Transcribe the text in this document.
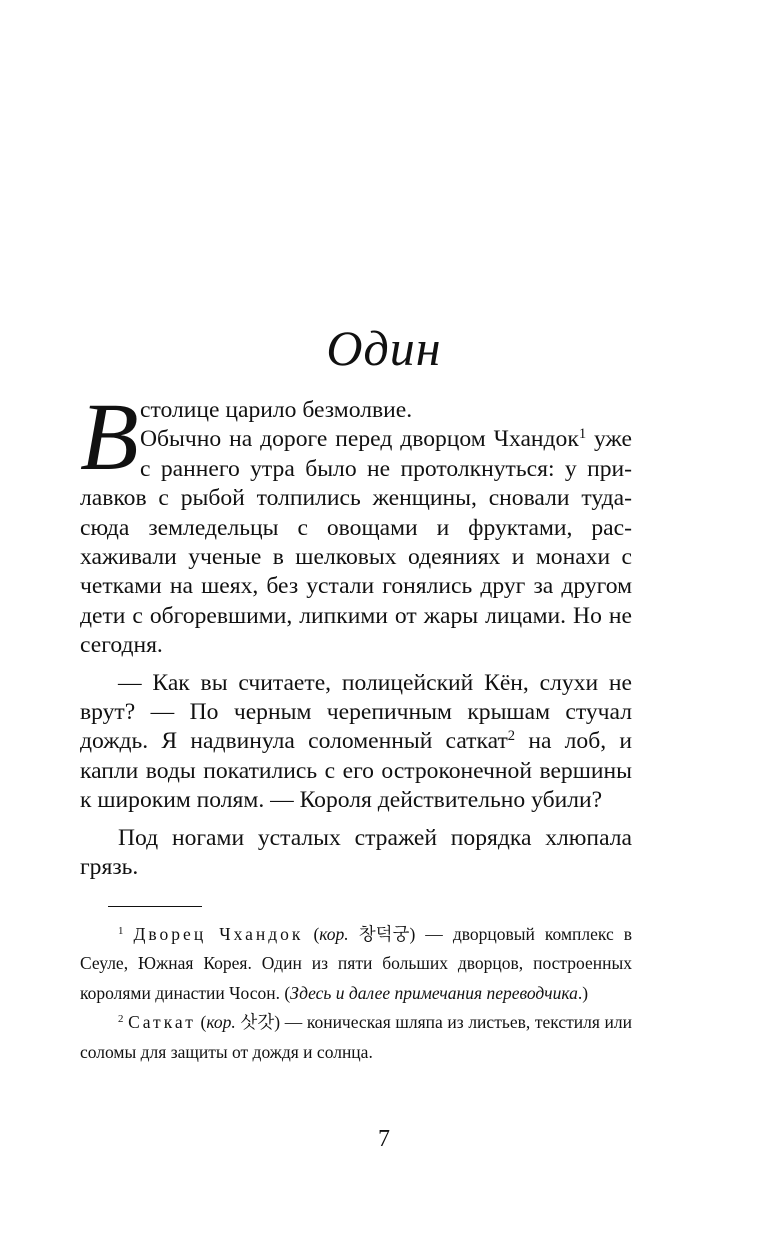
Один

В столице царило безмолвие.
Обычно на дороге перед дворцом Чхандок$^1$ уже с раннего утра было не протолкнуться: у прилавков с рыбой толпились женщины, сновали туда-сюда земледельцы с овощами и фруктами, расхаживали ученые в шелковых одеяниях и монахи с четками на шеях, без устали гонялись друг за другом дети с обгоревшими, липкими от жары лицами. Но не сегодня.

— Как вы считаете, полицейский Кён, слухи не врут? — По черным черепичным крышам стучал дождь. Я надвинула соломенный саткат$^2$ на лоб, и капли воды покатились с его остроконечной вершины к широким полям. — Короля действительно убили?

Под ногами усталых стражей порядка хлюпала грязь.

$^1$ Дворец Чхандок (кор. 창덕궁) — дворцовый комплекс в Сеуле, Южная Корея. Один из пяти больших дворцов, построенных королями династии Чосон. (Здесь и далее примечания переводчика.)

$^2$ Саткат (кор. 삿갓) — коническая шляпа из листьев, текстиля или соломы для защиты от дождя и солнца.

7
